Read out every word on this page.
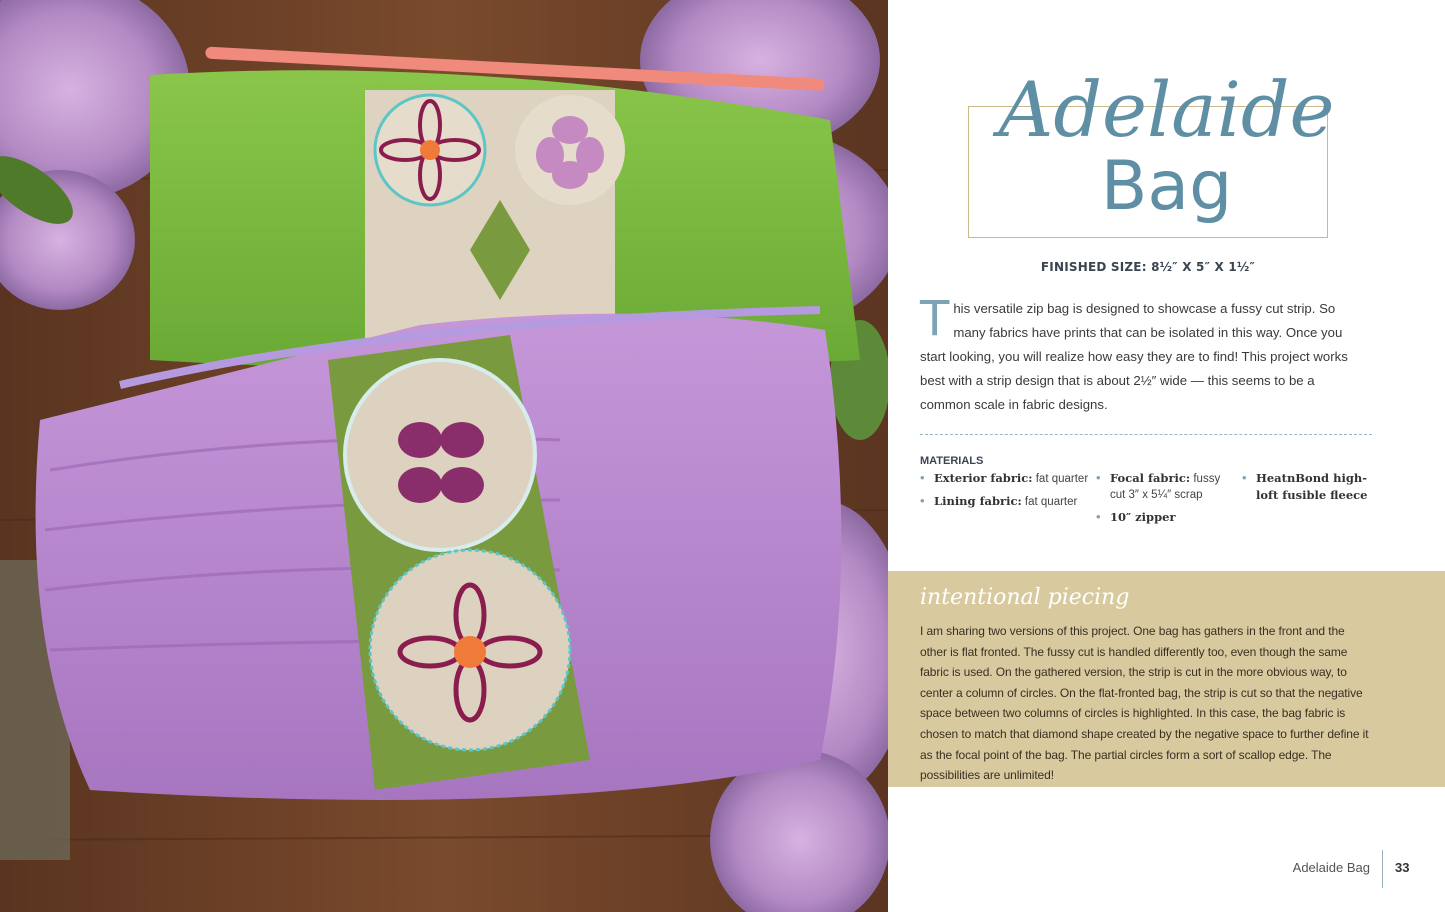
Adelaide
Bag
FINISHED SIZE: 8½″ X 5″ X 1½″
This versatile zip bag is designed to showcase a fussy cut strip. So many fabrics have prints that can be isolated in this way. Once you start looking, you will realize how easy they are to find! This project works best with a strip design that is about 2½″ wide — this seems to be a common scale in fabric designs.
MATERIALS
• Exterior fabric: fat quarter
• Lining fabric: fat quarter
• Focal fabric: fussy cut 3″ x 5¼″ scrap
• 10″ zipper
• HeatnBond high-loft fusible fleece
intentional piecing
I am sharing two versions of this project. One bag has gathers in the front and the other is flat fronted. The fussy cut is handled differently too, even though the same fabric is used. On the gathered version, the strip is cut in the more obvious way, to center a column of circles. On the flat-fronted bag, the strip is cut so that the negative space between two columns of circles is highlighted. In this case, the bag fabric is chosen to match that diamond shape created by the negative space to further define it as the focal point of the bag. The partial circles form a sort of scallop edge. The possibilities are unlimited!
Adelaide Bag 33
